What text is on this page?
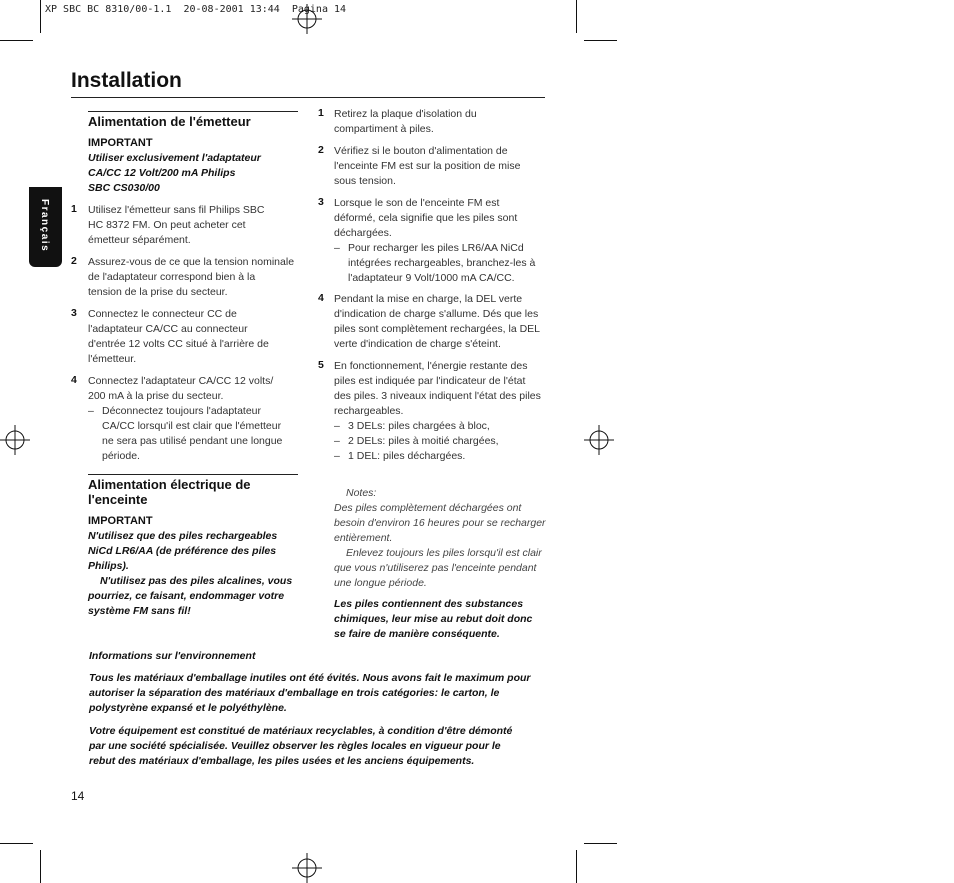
XP SBC BC 8310/00-1.1  20-08-2001 13:44  Pagina 14
Français
Installation
Alimentation de l'émetteur
IMPORTANT
Utiliser exclusivement l'adaptateur
CA/CC 12 Volt/200 mA Philips
SBC CS030/00
1 Utilisez l'émetteur sans fil Philips SBC
HC 8372 FM. On peut acheter cet
émetteur séparément.
2 Assurez-vous de ce que la tension nominale
de l'adaptateur correspond bien à la
tension de la prise du secteur.
3 Connectez le connecteur CC de
l'adaptateur CA/CC au connecteur
d'entrée 12 volts CC situé à l'arrière de
l'émetteur.
4 Connectez l'adaptateur CA/CC 12 volts/
200 mA à la prise du secteur.
– Déconnectez toujours l'adaptateur
CA/CC lorsqu'il est clair que l'émetteur
ne sera pas utilisé pendant une longue
période.
Alimentation électrique de
l'enceinte
IMPORTANT
N'utilisez que des piles rechargeables
NiCd LR6/AA (de préférence des piles
Philips).
N'utilisez pas des piles alcalines, vous
pourriez, ce faisant, endommager votre
système FM sans fil!
1 Retirez la plaque d'isolation du
compartiment à piles.
2 Vérifiez si le bouton d'alimentation de
l'enceinte FM est sur la position de mise
sous tension.
3 Lorsque le son de l'enceinte FM est
déformé, cela signifie que les piles sont
déchargées.
– Pour recharger les piles LR6/AA NiCd
intégrées rechargeables, branchez-les à
l'adaptateur 9 Volt/1000 mA CA/CC.
4 Pendant la mise en charge, la DEL verte
d'indication de charge s'allume. Dés que les
piles sont complètement rechargées, la DEL
verte d'indication de charge s'éteint.
5 En fonctionnement, l'énergie restante des
piles est indiquée par l'indicateur de l'état
des piles. 3 niveaux indiquent l'état des piles
rechargeables.
– 3 DELs: piles chargées à bloc,
– 2 DELs: piles à moitié chargées,
– 1 DEL: piles déchargées.
Notes:
Des piles complètement déchargées ont
besoin d'environ 16 heures pour se recharger
entièrement.
Enlevez toujours les piles lorsqu'il est clair
que vous n'utiliserez pas l'enceinte pendant
une longue période.
Les piles contiennent des substances
chimiques, leur mise au rebut doit donc
se faire de manière conséquente.
Informations sur l'environnement
Tous les matériaux d'emballage inutiles ont été évités. Nous avons fait le maximum pour
autoriser la séparation des matériaux d'emballage en trois catégories: le carton, le
polystyrène expansé et le polyéthylène.
Votre équipement est constitué de matériaux recyclables, à condition d'être démonté
par une société spécialisée. Veuillez observer les règles locales en vigueur pour le
rebut des matériaux d'emballage, les piles usées et les anciens équipements.
14
